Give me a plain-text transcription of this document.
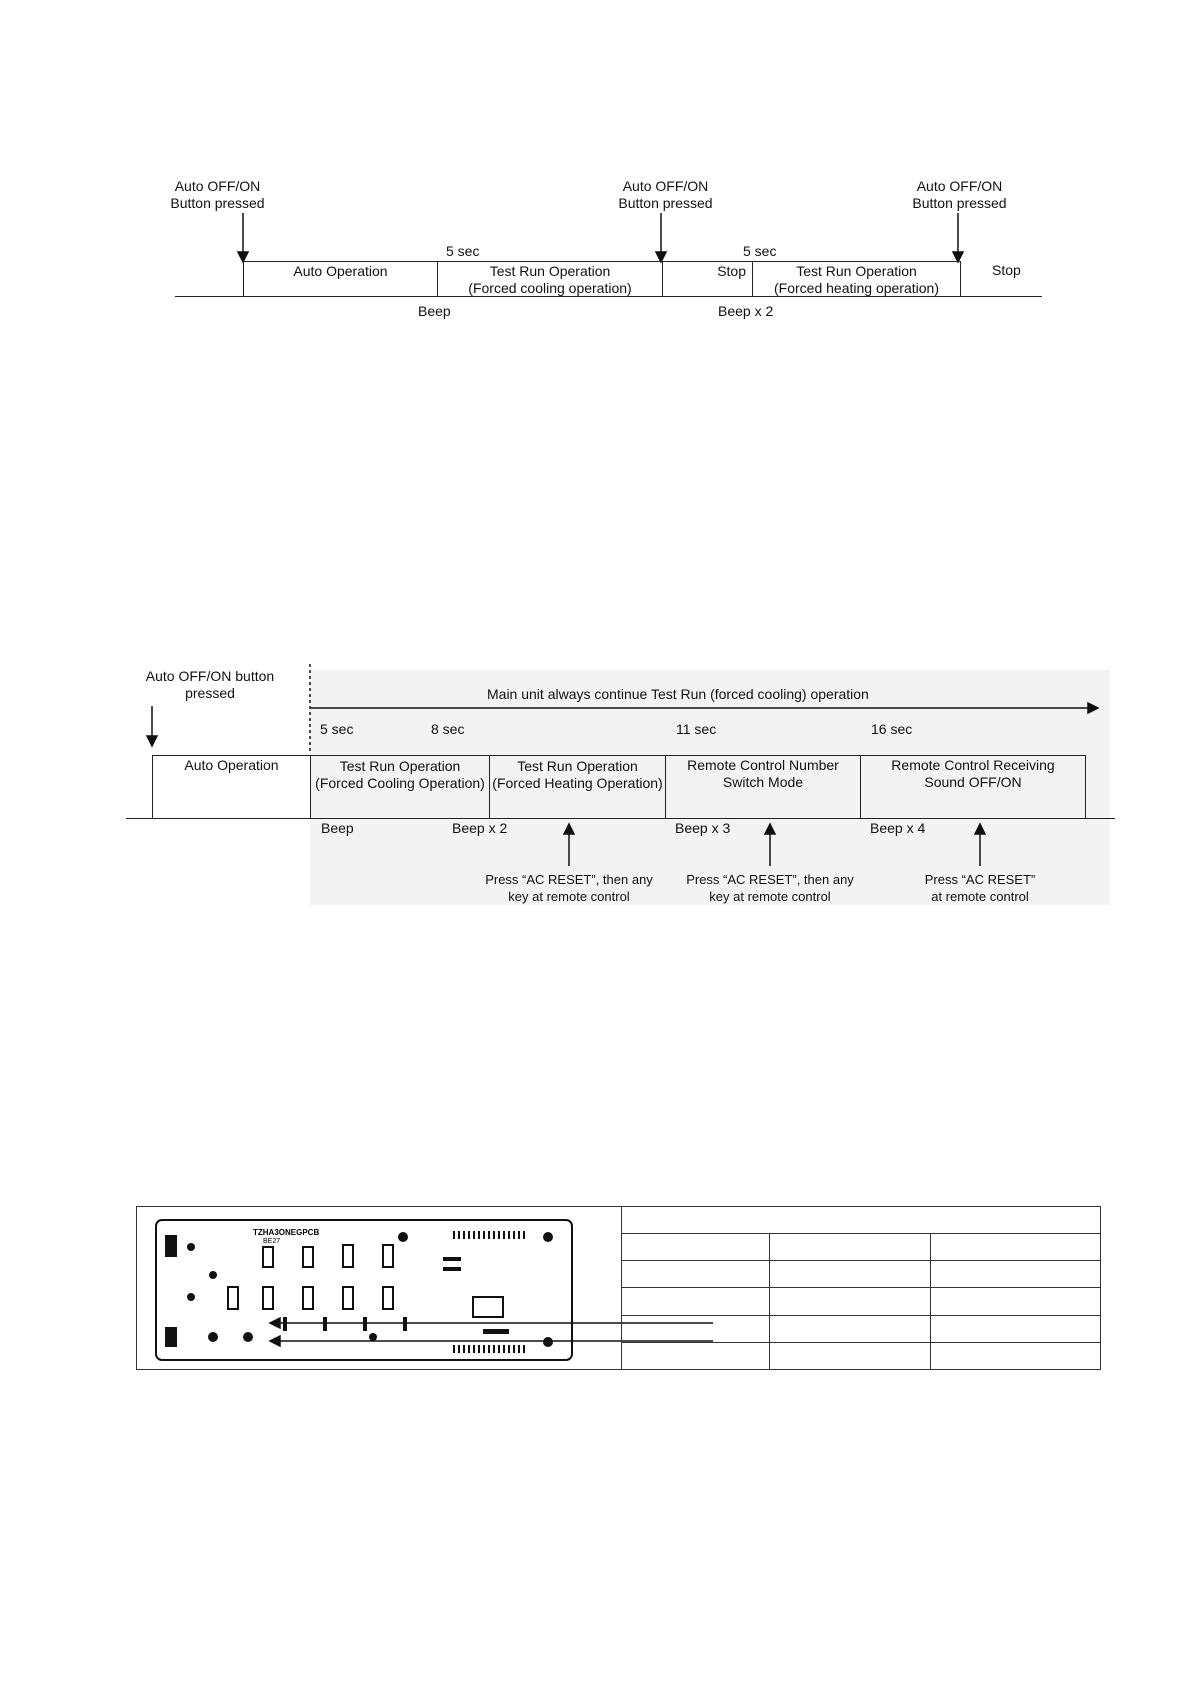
Auto OFF/ON
Button pressed
Auto OFF/ON
Button pressed
Auto OFF/ON
Button pressed
5 sec	5 sec
Auto Operation	Test Run Operation
(Forced cooling operation)
Stop	Test Run Operation
(Forced heating operation)
Stop
Beep	Beep x 2
Auto OFF/ON button
pressed	Main unit always continue Test Run (forced cooling) operation
5 sec	8 sec	11 sec	16 sec
Auto Operation	Test Run Operation
(Forced Cooling Operation)
Test Run Operation
(Forced Heating Operation)
Remote Control Number
Switch Mode
Remote Control Receiving
Sound OFF/ON
Beep	Beep x 2	Beep x 3	Beep x 4
Press “AC RESET”, then any
key at remote control
Press “AC RESET”, then any
key at remote control
Press “AC RESET”
at remote control
TZHA3ONEGPCB
BE27
